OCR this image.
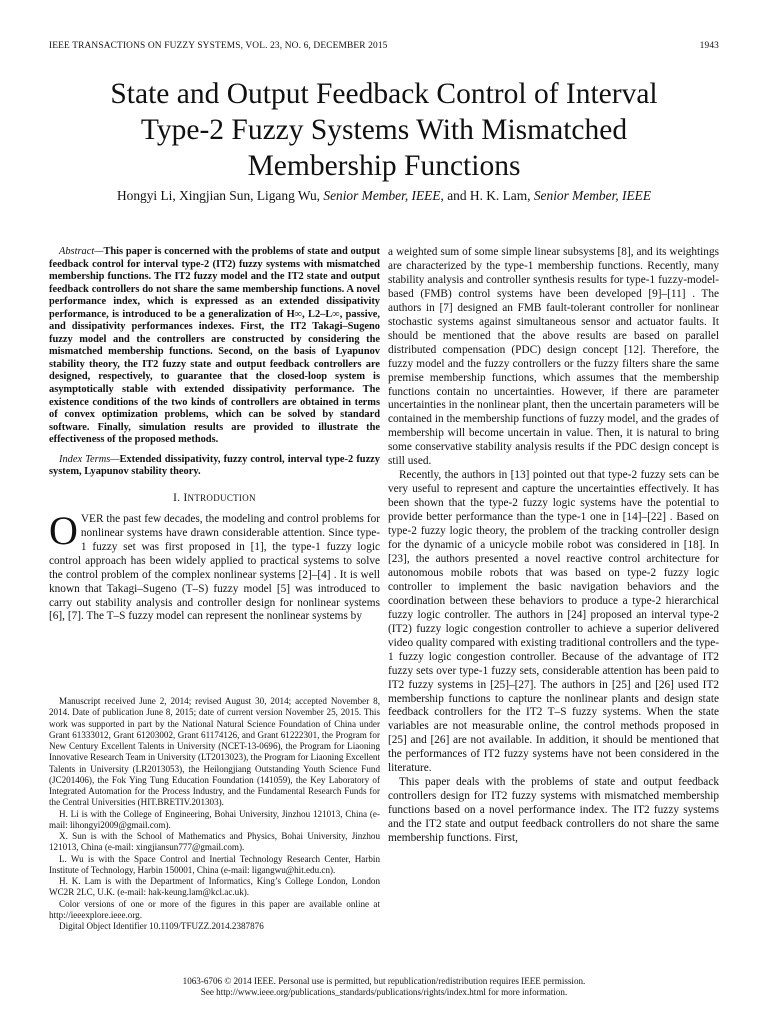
IEEE TRANSACTIONS ON FUZZY SYSTEMS, VOL. 23, NO. 6, DECEMBER 2015	1943
State and Output Feedback Control of Interval
Type-2 Fuzzy Systems With Mismatched
Membership Functions
Hongyi Li, Xingjian Sun, Ligang Wu, Senior Member, IEEE, and H. K. Lam, Senior Member, IEEE

Abstract—This paper is concerned with the problems of state and output feedback control for interval type-2 (IT2) fuzzy systems with mismatched membership functions. The IT2 fuzzy model and the IT2 state and output feedback controllers do not share the same membership functions. A novel performance index, which is expressed as an extended dissipativity performance, is introduced to be a generalization of H∞, L2–L∞, passive, and dissipativity performances indexes. First, the IT2 Takagi–Sugeno fuzzy model and the controllers are constructed by considering the mismatched membership functions. Second, on the basis of Lyapunov stability theory, the IT2 fuzzy state and output feedback controllers are designed, respectively, to guarantee that the closed-loop system is asymptotically stable with extended dissipativity performance. The existence conditions of the two kinds of controllers are obtained in terms of convex optimization problems, which can be solved by standard software. Finally, simulation results are provided to illustrate the effectiveness of the proposed methods.

Index Terms—Extended dissipativity, fuzzy control, interval type-2 fuzzy system, Lyapunov stability theory.

I. INTRODUCTION

OVER the past few decades, the modeling and control problems for nonlinear systems have drawn considerable attention. Since type-1 fuzzy set was first proposed in [1], the type-1 fuzzy logic control approach has been widely applied to practical systems to solve the control problem of the complex nonlinear systems [2]–[4] . It is well known that Takagi–Sugeno (T–S) fuzzy model [5] was introduced to carry out stability analysis and controller design for nonlinear systems [6], [7]. The T–S fuzzy model can represent the nonlinear systems by

Manuscript received June 2, 2014; revised August 30, 2014; accepted November 8, 2014. Date of publication June 8, 2015; date of current version November 25, 2015. This work was supported in part by the National Natural Science Foundation of China under Grant 61333012, Grant 61203002, Grant 61174126, and Grant 61222301, the Program for New Century Excellent Talents in University (NCET-13-0696), the Program for Liaoning Innovative Research Team in University (LT2013023), the Program for Liaoning Excellent Talents in University (LR2013053), the Heilongjiang Outstanding Youth Science Fund (JC201406), the Fok Ying Tung Education Foundation (141059), the Key Laboratory of Integrated Automation for the Process Industry, and the Fundamental Research Funds for the Central Universities (HIT.BRETIV.201303).

H. Li is with the College of Engineering, Bohai University, Jinzhou 121013, China (e-mail: lihongyi2009@gmail.com).

X. Sun is with the School of Mathematics and Physics, Bohai University, Jinzhou 121013, China (e-mail: xingjiansun777@gmail.com).

L. Wu is with the Space Control and Inertial Technology Research Center, Harbin Institute of Technology, Harbin 150001, China (e-mail: ligangwu@hit.edu.cn).

H. K. Lam is with the Department of Informatics, King’s College London, London WC2R 2LC, U.K. (e-mail: hak-keung.lam@kcl.ac.uk).

Color versions of one or more of the figures in this paper are available online at http://ieeexplore.ieee.org.

Digital Object Identifier 10.1109/TFUZZ.2014.2387876

a weighted sum of some simple linear subsystems [8], and its weightings are characterized by the type-1 membership functions. Recently, many stability analysis and controller synthesis results for type-1 fuzzy-model-based (FMB) control systems have been developed [9]–[11] . The authors in [7] designed an FMB fault-tolerant controller for nonlinear stochastic systems against simultaneous sensor and actuator faults. It should be mentioned that the above results are based on parallel distributed compensation (PDC) design concept [12]. Therefore, the fuzzy model and the fuzzy controllers or the fuzzy filters share the same premise membership functions, which assumes that the membership functions contain no uncertainties. However, if there are parameter uncertainties in the nonlinear plant, then the uncertain parameters will be contained in the membership functions of fuzzy model, and the grades of membership will become uncertain in value. Then, it is natural to bring some conservative stability analysis results if the PDC design concept is still used.

Recently, the authors in [13] pointed out that type-2 fuzzy sets can be very useful to represent and capture the uncertainties effectively. It has been shown that the type-2 fuzzy logic systems have the potential to provide better performance than the type-1 one in [14]–[22] . Based on type-2 fuzzy logic theory, the problem of the tracking controller design for the dynamic of a unicycle mobile robot was considered in [18]. In [23], the authors presented a novel reactive control architecture for autonomous mobile robots that was based on type-2 fuzzy logic controller to implement the basic navigation behaviors and the coordination between these behaviors to produce a type-2 hierarchical fuzzy logic controller. The authors in [24] proposed an interval type-2 (IT2) fuzzy logic congestion controller to achieve a superior delivered video quality compared with existing traditional controllers and the type-1 fuzzy logic congestion controller. Because of the advantage of IT2 fuzzy sets over type-1 fuzzy sets, considerable attention has been paid to IT2 fuzzy systems in [25]–[27]. The authors in [25] and [26] used IT2 membership functions to capture the nonlinear plants and design state feedback controllers for the IT2 T–S fuzzy systems. When the state variables are not measurable online, the control methods proposed in [25] and [26] are not available. In addition, it should be mentioned that the performances of IT2 fuzzy systems have not been considered in the literature.

This paper deals with the problems of state and output feedback controllers design for IT2 fuzzy systems with mismatched membership functions based on a novel performance index. The IT2 fuzzy systems and the IT2 state and output feedback controllers do not share the same membership functions. First,

1063-6706 © 2014 IEEE. Personal use is permitted, but republication/redistribution requires IEEE permission.
See http://www.ieee.org/publications_standards/publications/rights/index.html for more information.
